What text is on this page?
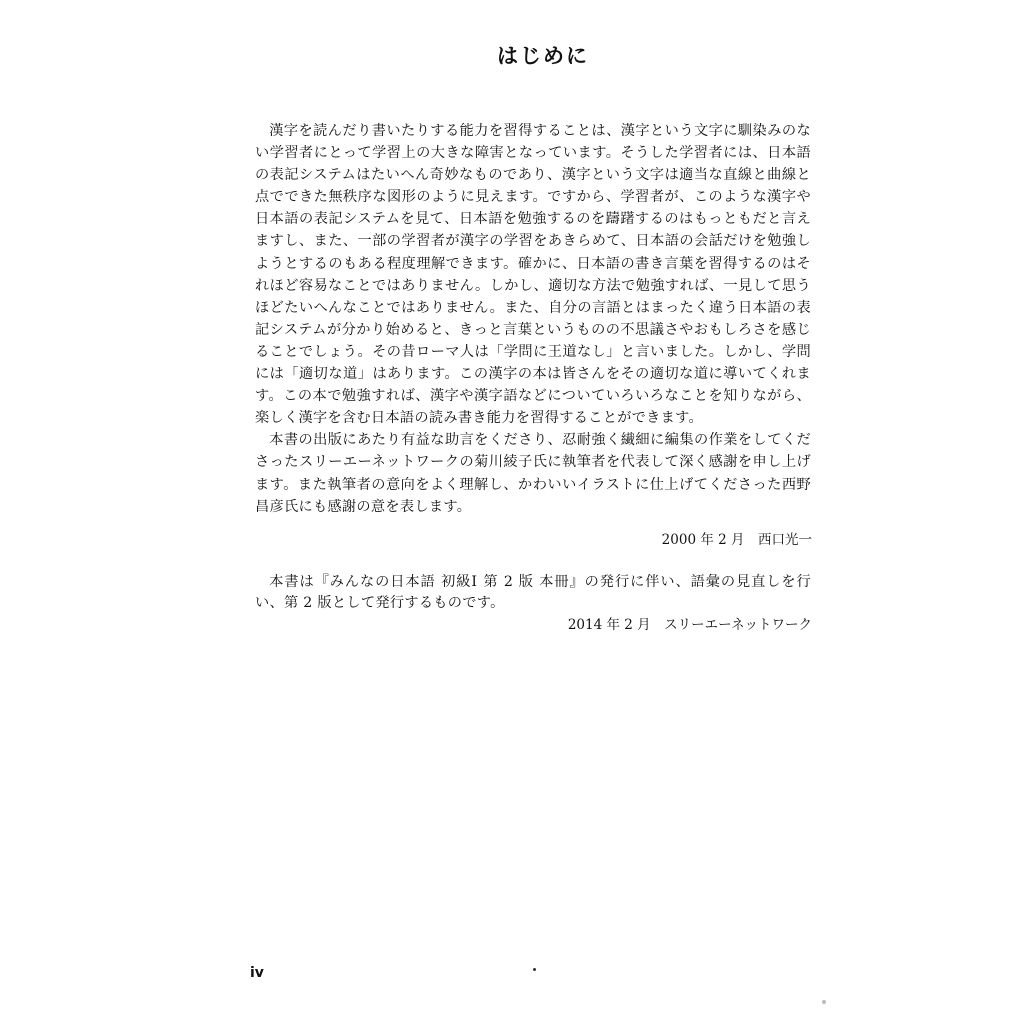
はじめに

漢字を読んだり書いたりする能力を習得することは、漢字という文字に馴染みのない学習者にとって学習上の大きな障害となっています。そうした学習者には、日本語の表記システムはたいへん奇妙なものであり、漢字という文字は適当な直線と曲線と点でできた無秩序な図形のように見えます。ですから、学習者が、このような漢字や日本語の表記システムを見て、日本語を勉強するのを躊躇するのはもっともだと言えますし、また、一部の学習者が漢字の学習をあきらめて、日本語の会話だけを勉強しようとするのもある程度理解できます。確かに、日本語の書き言葉を習得するのはそれほど容易なことではありません。しかし、適切な方法で勉強すれば、一見して思うほどたいへんなことではありません。また、自分の言語とはまったく違う日本語の表記システムが分かり始めると、きっと言葉というものの不思議さやおもしろさを感じることでしょう。その昔ローマ人は「学問に王道なし」と言いました。しかし、学問には「適切な道」はあります。この漢字の本は皆さんをその適切な道に導いてくれます。この本で勉強すれば、漢字や漢字語などについていろいろなことを知りながら、楽しく漢字を含む日本語の読み書き能力を習得することができます。

本書の出版にあたり有益な助言をくださり、忍耐強く繊細に編集の作業をしてくださったスリーエーネットワークの菊川綾子氏に執筆者を代表して深く感謝を申し上げます。また執筆者の意向をよく理解し、かわいいイラストに仕上げてくださった西野昌彦氏にも感謝の意を表します。

2000 年 2 月　西口光一

本書は『みんなの日本語 初級Ⅰ 第 2 版 本冊』の発行に伴い、語彙の見直しを行い、第 2 版として発行するものです。

2014 年 2 月　スリーエーネットワーク
iv
